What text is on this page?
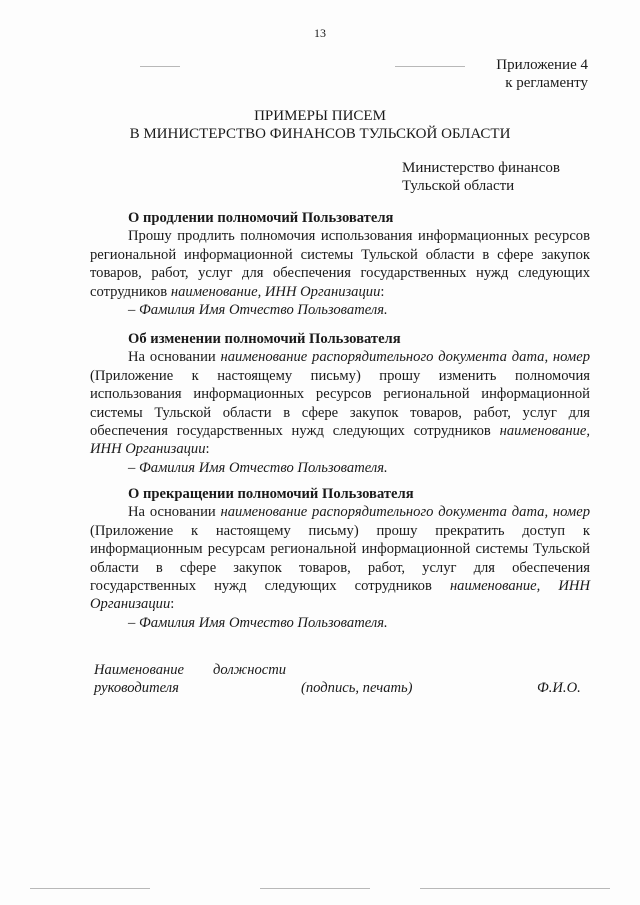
13
Приложение 4
к регламенту
ПРИМЕРЫ ПИСЕМ
В МИНИСТЕРСТВО ФИНАНСОВ ТУЛЬСКОЙ ОБЛАСТИ
Министерство финансов
Тульской области
О продлении полномочий Пользователя
Прошу продлить полномочия использования информационных ресурсов региональной информационной системы Тульской области в сфере закупок товаров, работ, услуг для обеспечения государственных нужд следующих сотрудников наименование, ИНН Организации:
– Фамилия Имя Отчество Пользователя.
Об изменении полномочий Пользователя
На основании наименование распорядительного документа дата, номер (Приложение к настоящему письму) прошу изменить полномочия использования информационных ресурсов региональной информационной системы Тульской области в сфере закупок товаров, работ, услуг для обеспечения государственных нужд следующих сотрудников наименование, ИНН Организации:
– Фамилия Имя Отчество Пользователя.
О прекращении полномочий Пользователя
На основании наименование распорядительного документа дата, номер (Приложение к настоящему письму) прошу прекратить доступ к информационным ресурсам региональной информационной системы Тульской области в сфере закупок товаров, работ, услуг для обеспечения государственных нужд следующих сотрудников наименование, ИНН Организации:
– Фамилия Имя Отчество Пользователя.
Наименование должности
руководителя	(подпись, печать)	Ф.И.О.
